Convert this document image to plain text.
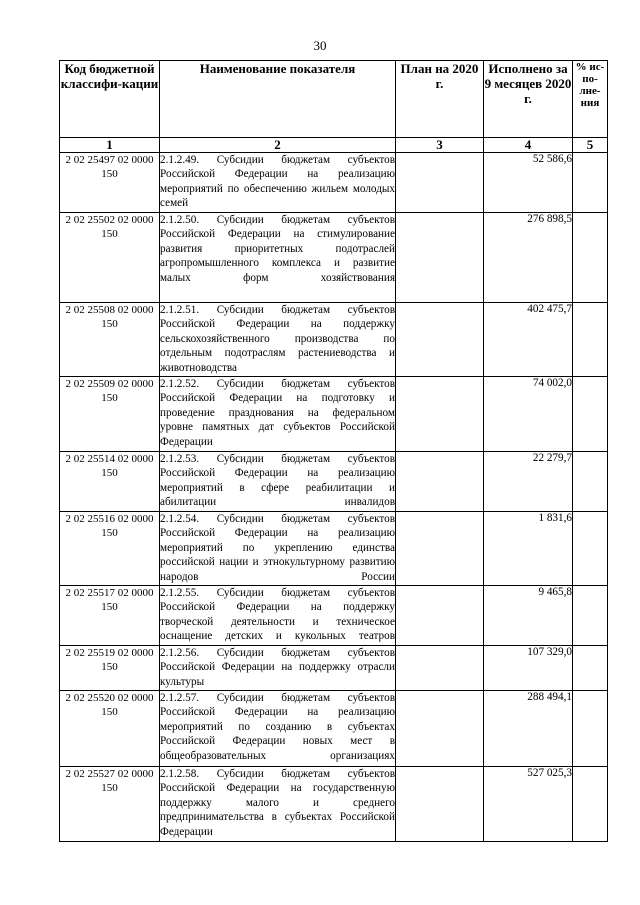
30
Код бюджетной классифи-кации	Наименование показателя	План на 2020 г.	Исполнено за 9 месяцев 2020 г.	% ис-по-лне-ния
1	2	3	4	5
2 02 25497 02 0000 150	2.1.2.49. Субсидии бюджетам субъектов Российской Федерации на реализацию мероприятий по обеспечению жильем молодых семей		52 586,6	
2 02 25502 02 0000 150	2.1.2.50. Субсидии бюджетам субъектов Российской Федерации на стимулирование развития приоритетных подотраслей агропромышленного комплекса и развитие малых форм хозяйствования		276 898,5	
2 02 25508 02 0000 150	2.1.2.51. Субсидии бюджетам субъектов Российской Федерации на поддержку сельскохозяйственного производства по отдельным подотраслям растениеводства и животноводства		402 475,7	
2 02 25509 02 0000 150	2.1.2.52. Субсидии бюджетам субъектов Российской Федерации на подготовку и проведение празднования на федеральном уровне памятных дат субъектов Российской Федерации		74 002,0	
2 02 25514 02 0000 150	2.1.2.53. Субсидии бюджетам субъектов Российской Федерации на реализацию мероприятий в сфере реабилитации и абилитации инвалидов		22 279,7	
2 02 25516 02 0000 150	2.1.2.54. Субсидии бюджетам субъектов Российской Федерации на реализацию мероприятий по укреплению единства российской нации и этнокультурному развитию народов России		1 831,6	
2 02 25517 02 0000 150	2.1.2.55. Субсидии бюджетам субъектов Российской Федерации на поддержку творческой деятельности и техническое оснащение детских и кукольных театров		9 465,8	
2 02 25519 02 0000 150	2.1.2.56. Субсидии бюджетам субъектов Российской Федерации на поддержку отрасли культуры		107 329,0	
2 02 25520 02 0000 150	2.1.2.57. Субсидии бюджетам субъектов Российской Федерации на реализацию мероприятий по созданию в субъектах Российской Федерации новых мест в общеобразовательных организациях		288 494,1	
2 02 25527 02 0000 150	2.1.2.58. Субсидии бюджетам субъектов Российской Федерации на государственную поддержку малого и среднего предпринимательства в субъектах Российской Федерации		527 025,3	
